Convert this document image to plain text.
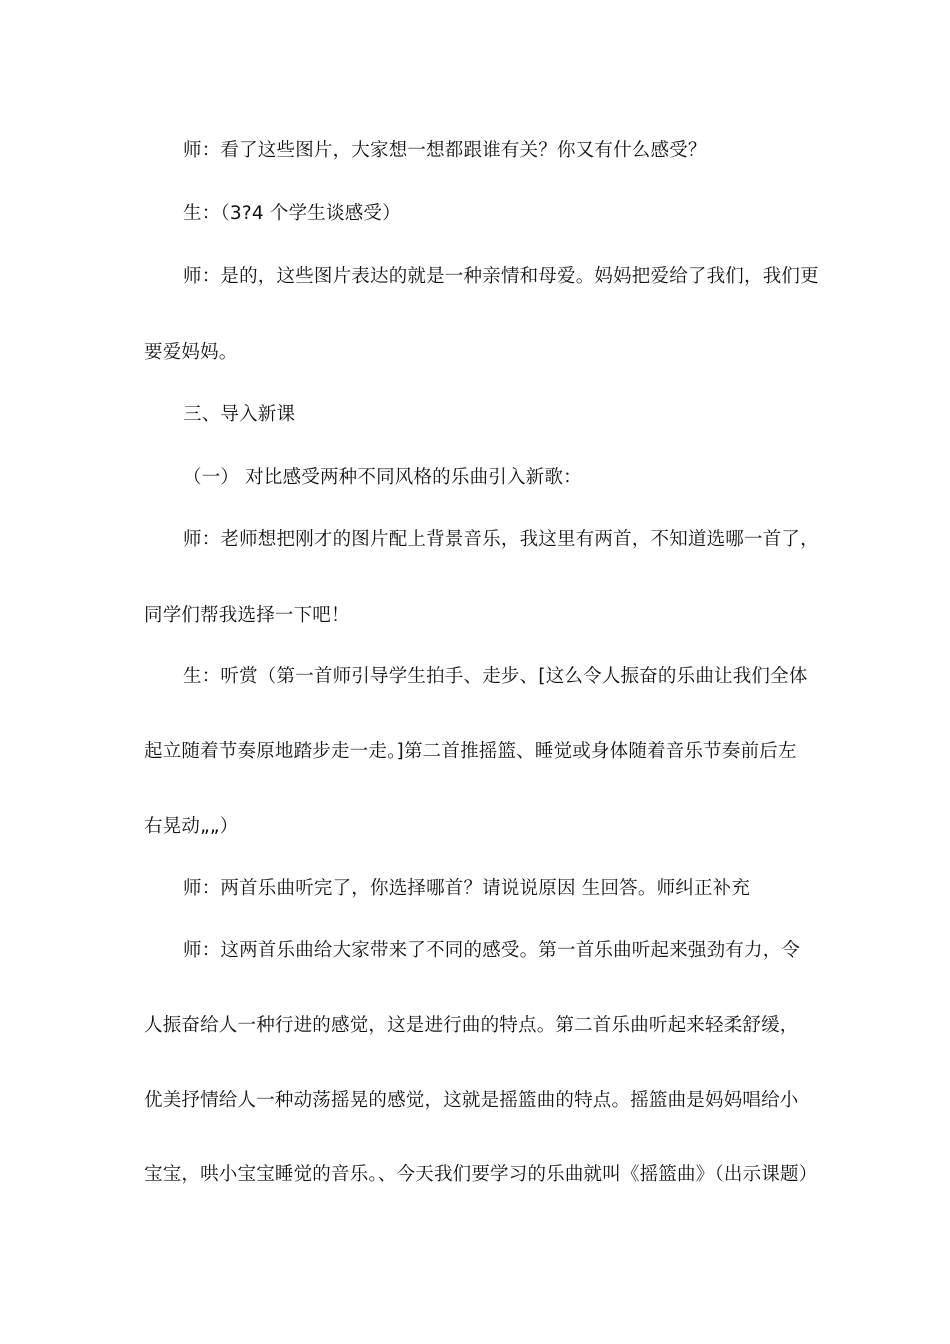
师：看了这些图片，大家想一想都跟谁有关？你又有什么感受？
生：（3?4 个学生谈感受）
师：是的，这些图片表达的就是一种亲情和母爱。妈妈把爱给了我们，我们更
要爱妈妈。
三、导入新课
（一） 对比感受两种不同风格的乐曲引入新歌：
师：老师想把刚才的图片配上背景音乐，我这里有两首，不知道选哪一首了，
同学们帮我选择一下吧！
生：听赏（第一首师引导学生拍手、走步、[这么令人振奋的乐曲让我们全体
起立随着节奏原地踏步走一走。]第二首推摇篮、睡觉或身体随着音乐节奏前后左
右晃动„„）
师：两首乐曲听完了，你选择哪首？请说说原因 生回答。师纠正补充
师：这两首乐曲给大家带来了不同的感受。第一首乐曲听起来强劲有力，令
人振奋给人一种行进的感觉，这是进行曲的特点。第二首乐曲听起来轻柔舒缓，
优美抒情给人一种动荡摇晃的感觉，这就是摇篮曲的特点。摇篮曲是妈妈唱给小
宝宝，哄小宝宝睡觉的音乐。、今天我们要学习的乐曲就叫《摇篮曲》（出示课题）
